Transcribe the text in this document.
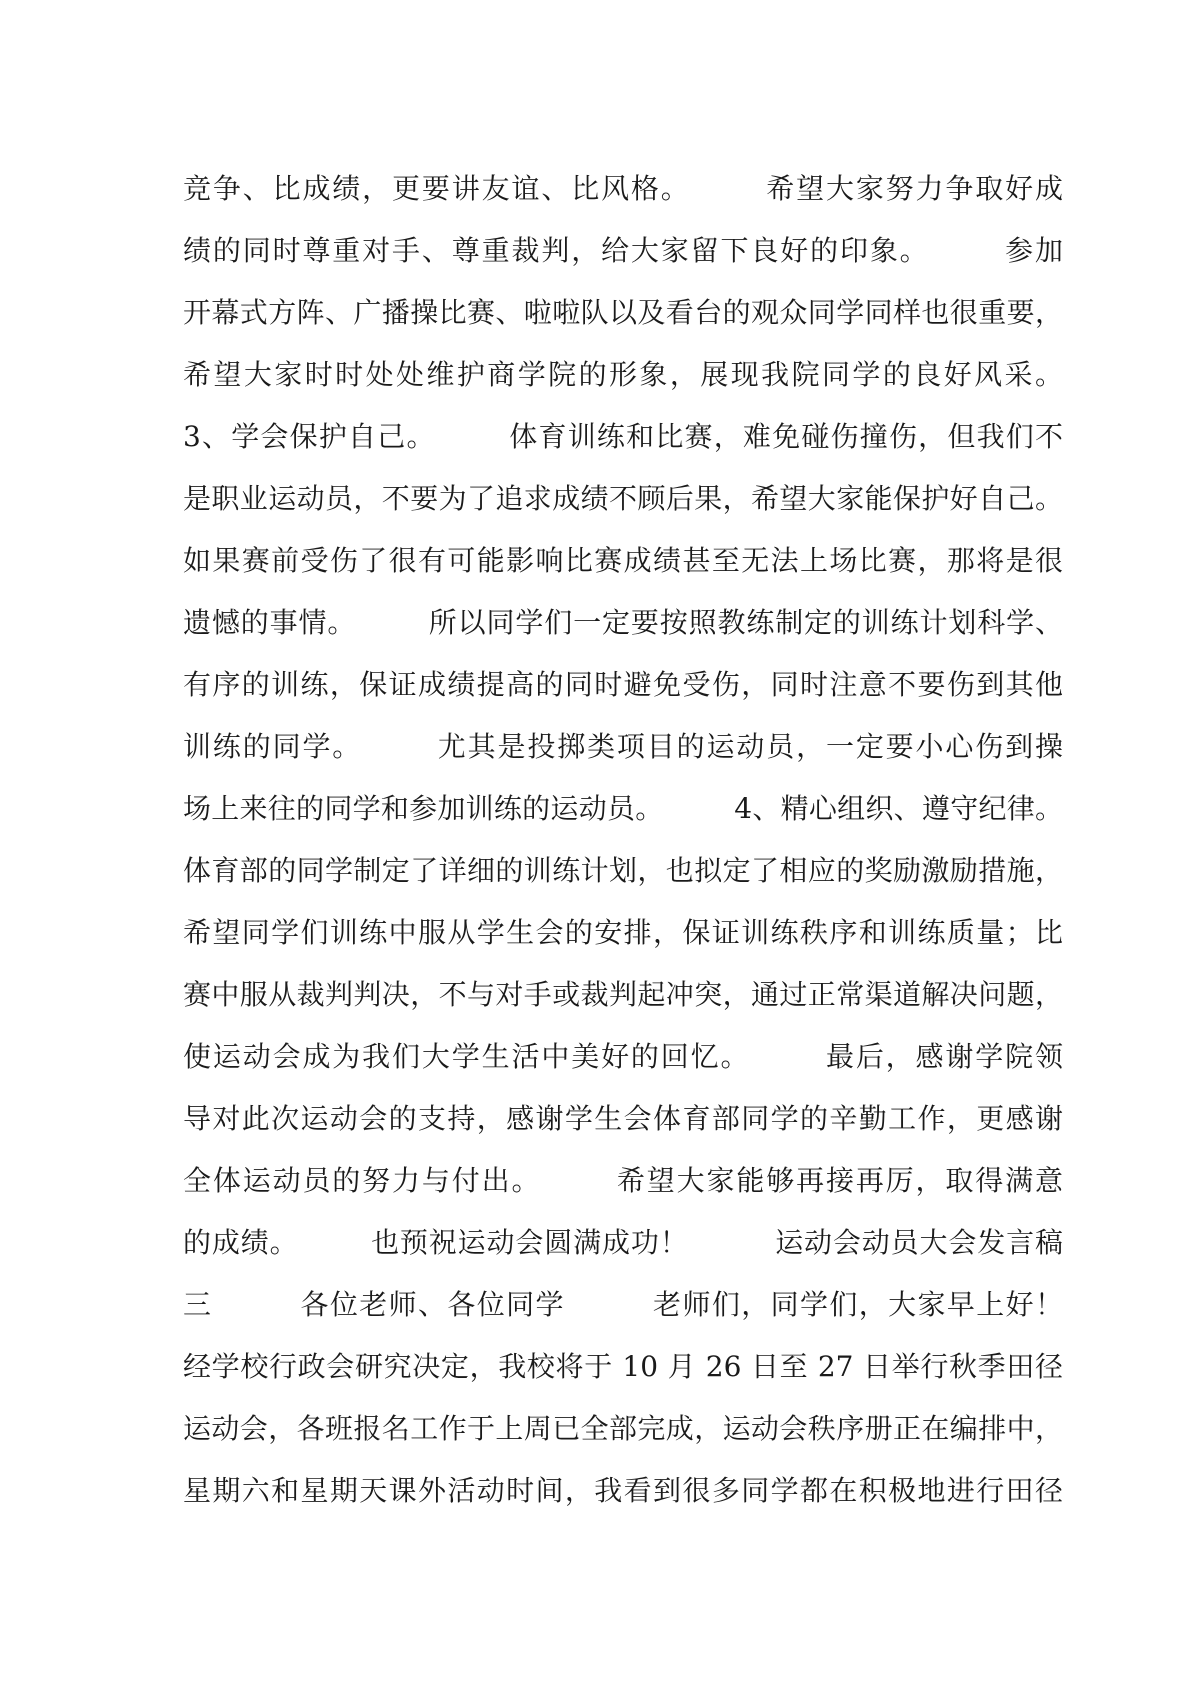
竞争、比成绩，更要讲友谊、比风格。　　　希望大家努力争取好成
绩的同时尊重对手、尊重裁判，给大家留下良好的印象。　　　参加
开幕式方阵、广播操比赛、啦啦队以及看台的观众同学同样也很重要，
希望大家时时处处维护商学院的形象，展现我院同学的良好风采。
3、学会保护自己。　　　体育训练和比赛，难免碰伤撞伤，但我们不
是职业运动员，不要为了追求成绩不顾后果，希望大家能保护好自己。
如果赛前受伤了很有可能影响比赛成绩甚至无法上场比赛，那将是很
遗憾的事情。　　　所以同学们一定要按照教练制定的训练计划科学、
有序的训练，保证成绩提高的同时避免受伤，同时注意不要伤到其他
训练的同学。　　　尤其是投掷类项目的运动员，一定要小心伤到操
场上来往的同学和参加训练的运动员。　　　4、精心组织、遵守纪律。
体育部的同学制定了详细的训练计划，也拟定了相应的奖励激励措施，
希望同学们训练中服从学生会的安排，保证训练秩序和训练质量；比
赛中服从裁判判决，不与对手或裁判起冲突，通过正常渠道解决问题，
使运动会成为我们大学生活中美好的回忆。　　　最后，感谢学院领
导对此次运动会的支持，感谢学生会体育部同学的辛勤工作，更感谢
全体运动员的努力与付出。　　　希望大家能够再接再厉，取得满意
的成绩。　　　也预祝运动会圆满成功！　　　运动会动员大会发言稿
三　　　各位老师、各位同学　　　老师们，同学们，大家早上好！
经学校行政会研究决定，我校将于 10 月 26 日至 27 日举行秋季田径
运动会，各班报名工作于上周已全部完成，运动会秩序册正在编排中，
星期六和星期天课外活动时间，我看到很多同学都在积极地进行田径
